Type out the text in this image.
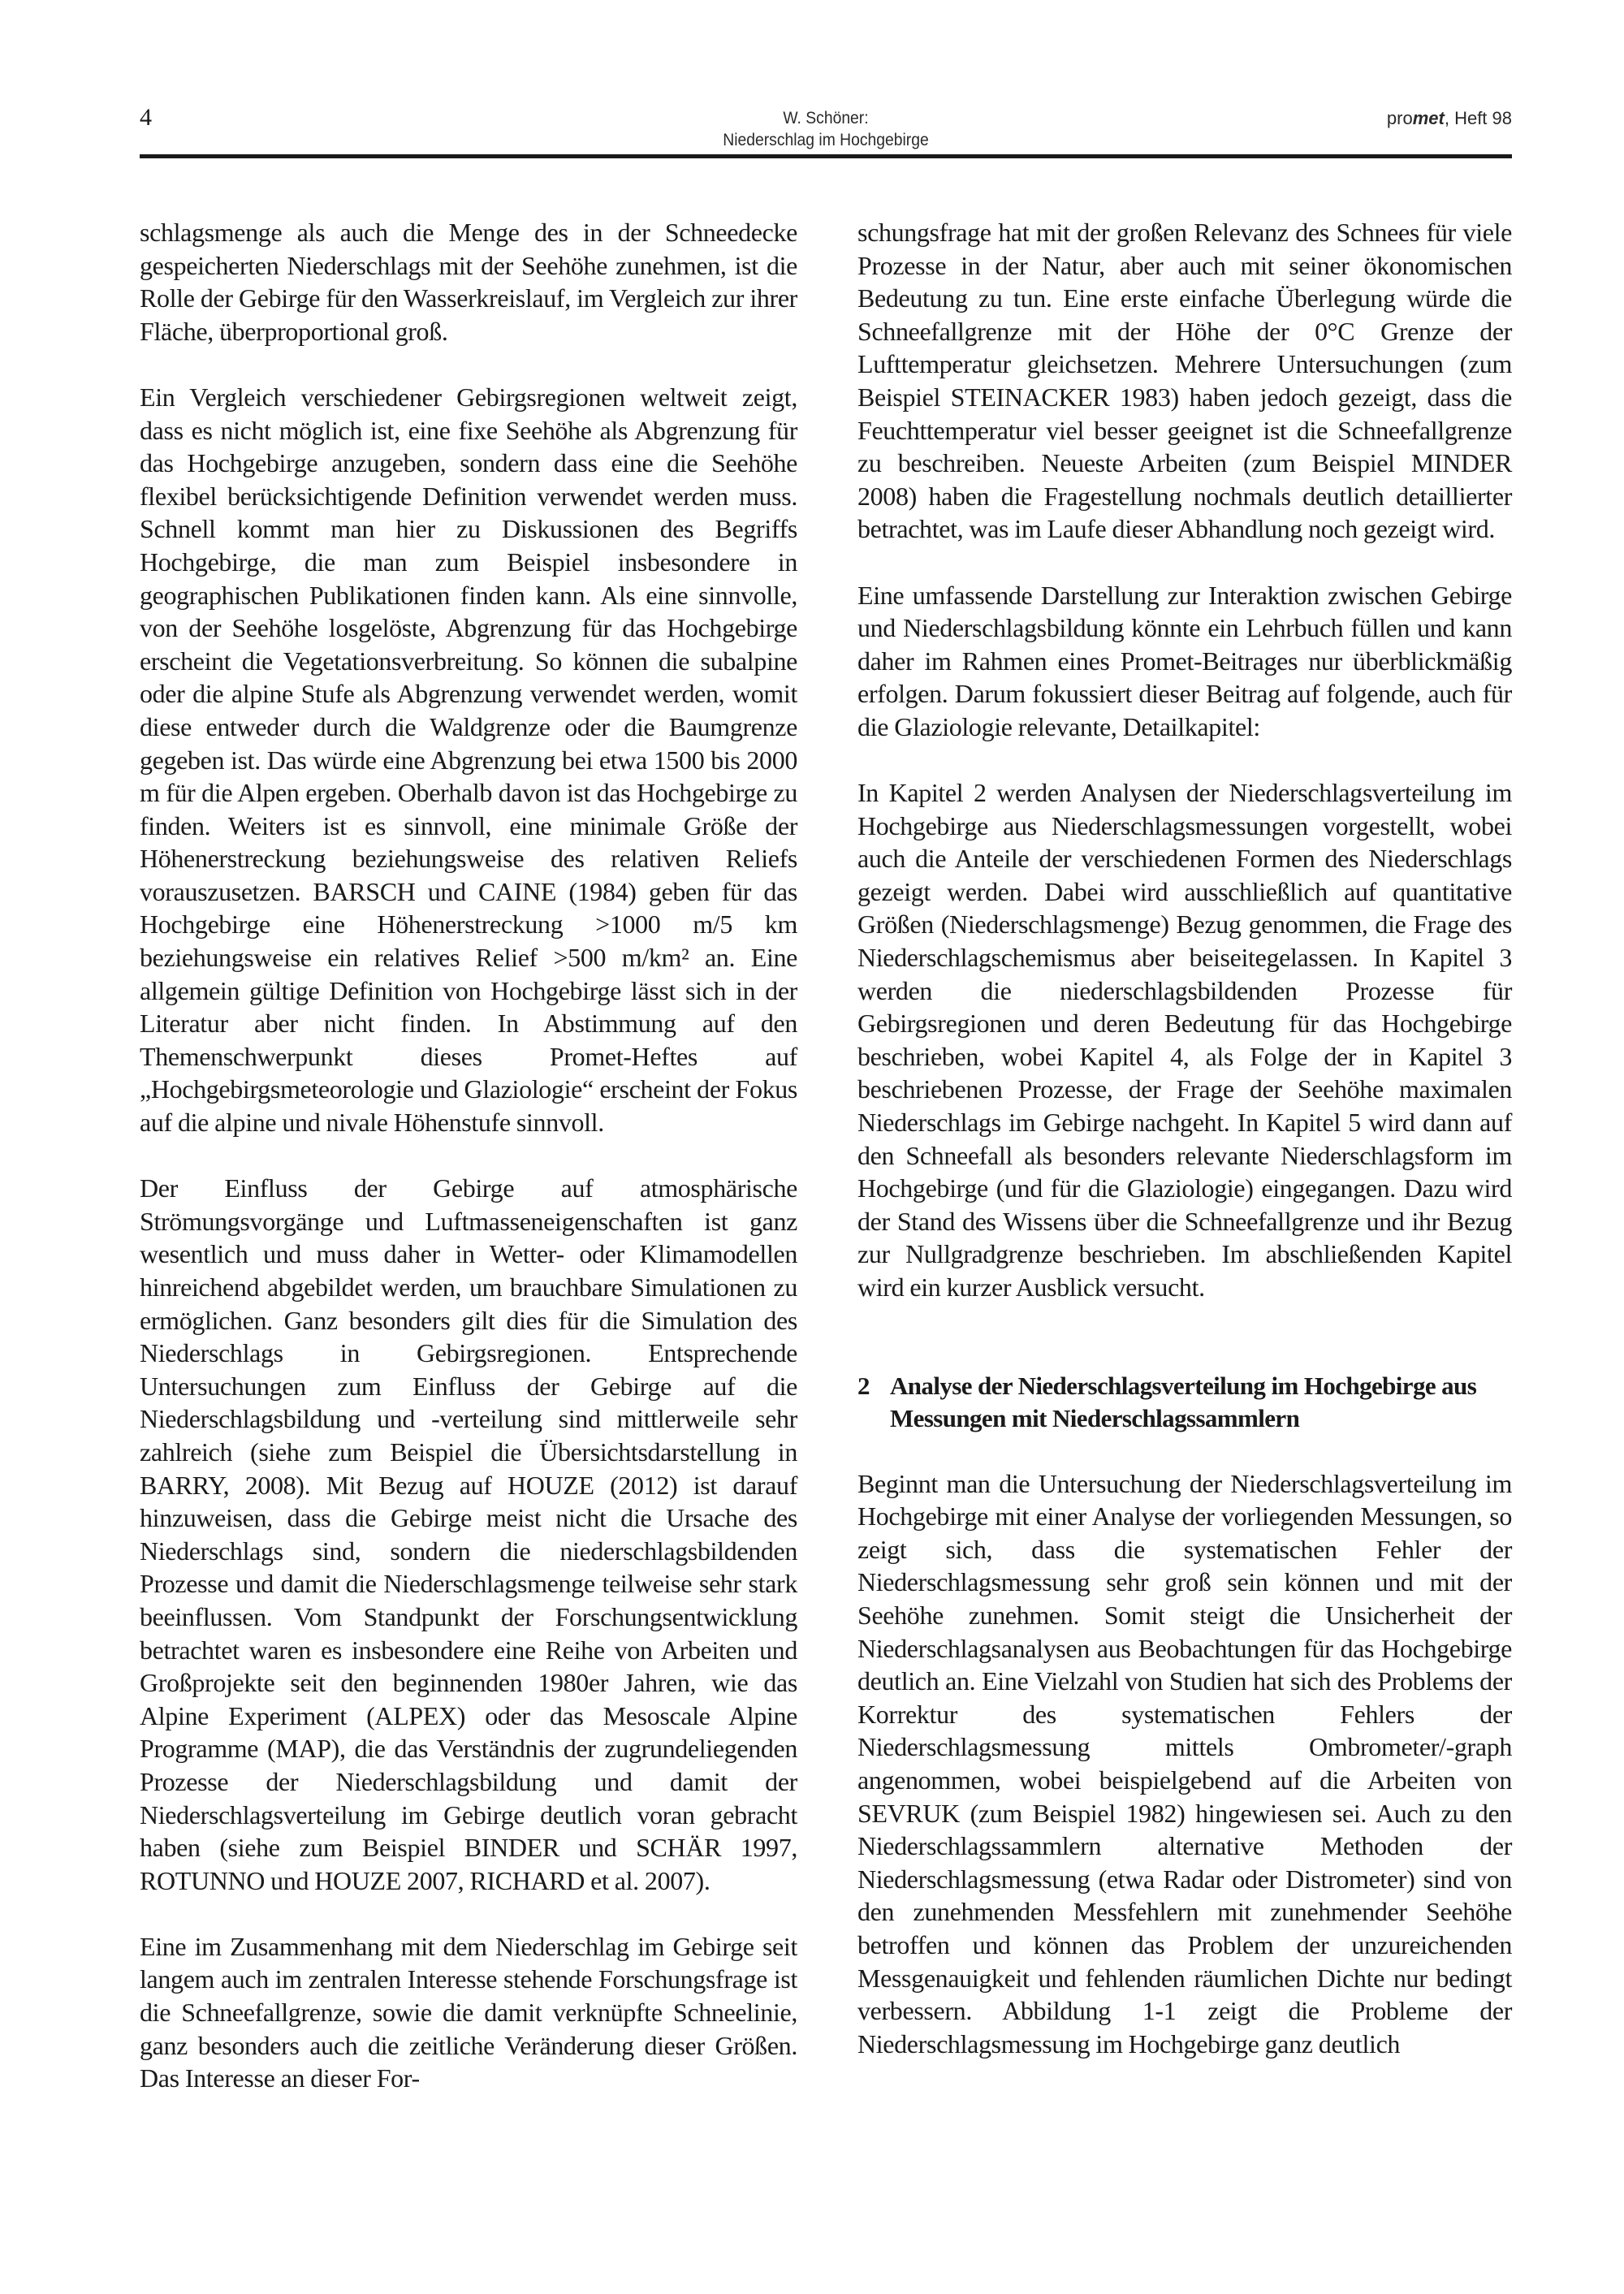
4	W. Schöner:
Niederschlag im Hochgebirge
promet, Heft 98

schlagsmenge als auch die Menge des in der Schneedecke gespeicherten Niederschlags mit der Seehöhe zunehmen, ist die Rolle der Gebirge für den Wasserkreislauf, im Vergleich zur ihrer Fläche, überproportional groß.

Ein Vergleich verschiedener Gebirgsregionen weltweit zeigt, dass es nicht möglich ist, eine fixe Seehöhe als Abgrenzung für das Hochgebirge anzugeben, sondern dass eine die Seehöhe flexibel berücksichtigende Definition verwendet werden muss. Schnell kommt man hier zu Diskussionen des Begriffs Hochgebirge, die man zum Beispiel insbesondere in geographischen Publikationen finden kann. Als eine sinnvolle, von der Seehöhe losgelöste, Abgrenzung für das Hochgebirge erscheint die Vegetationsverbreitung. So können die subalpine oder die alpine Stufe als Abgrenzung verwendet werden, womit diese entweder durch die Waldgrenze oder die Baumgrenze gegeben ist. Das würde eine Abgrenzung bei etwa 1500 bis 2000 m für die Alpen ergeben. Oberhalb davon ist das Hochgebirge zu finden. Weiters ist es sinnvoll, eine minimale Größe der Höhenerstreckung beziehungsweise des relativen Reliefs vorauszusetzen. BARSCH und CAINE (1984) geben für das Hochgebirge eine Höhenerstreckung >1000 m/5 km beziehungsweise ein relatives Relief >500 m/km² an. Eine allgemein gültige Definition von Hochgebirge lässt sich in der Literatur aber nicht finden. In Abstimmung auf den Themenschwerpunkt dieses Promet-Heftes auf „Hochgebirgsmeteorologie und Glaziologie“ erscheint der Fokus auf die alpine und nivale Höhenstufe sinnvoll.

Der Einfluss der Gebirge auf atmosphärische Strömungsvorgänge und Luftmasseneigenschaften ist ganz wesentlich und muss daher in Wetter- oder Klimamodellen hinreichend abgebildet werden, um brauchbare Simulationen zu ermöglichen. Ganz besonders gilt dies für die Simulation des Niederschlags in Gebirgsregionen. Entsprechende Untersuchungen zum Einfluss der Gebirge auf die Niederschlagsbildung und -verteilung sind mittlerweile sehr zahlreich (siehe zum Beispiel die Übersichtsdarstellung in BARRY, 2008). Mit Bezug auf HOUZE (2012) ist darauf hinzuweisen, dass die Gebirge meist nicht die Ursache des Niederschlags sind, sondern die niederschlagsbildenden Prozesse und damit die Niederschlagsmenge teilweise sehr stark beeinflussen. Vom Standpunkt der Forschungsentwicklung betrachtet waren es insbesondere eine Reihe von Arbeiten und Großprojekte seit den beginnenden 1980er Jahren, wie das Alpine Experiment (ALPEX) oder das Mesoscale Alpine Programme (MAP), die das Verständnis der zugrundeliegenden Prozesse der Niederschlagsbildung und damit der Niederschlagsverteilung im Gebirge deutlich voran gebracht haben (siehe zum Beispiel BINDER und SCHÄR 1997, ROTUNNO und HOUZE 2007, RICHARD et al. 2007).

Eine im Zusammenhang mit dem Niederschlag im Gebirge seit langem auch im zentralen Interesse stehende Forschungsfrage ist die Schneefallgrenze, sowie die damit verknüpfte Schneelinie, ganz besonders auch die zeitliche Veränderung dieser Größen. Das Interesse an dieser For-

schungsfrage hat mit der großen Relevanz des Schnees für viele Prozesse in der Natur, aber auch mit seiner ökonomischen Bedeutung zu tun. Eine erste einfache Überlegung würde die Schneefallgrenze mit der Höhe der 0°C Grenze der Lufttemperatur gleichsetzen. Mehrere Untersuchungen (zum Beispiel STEINACKER 1983) haben jedoch gezeigt, dass die Feuchttemperatur viel besser geeignet ist die Schneefallgrenze zu beschreiben. Neueste Arbeiten (zum Beispiel MINDER 2008) haben die Fragestellung nochmals deutlich detaillierter betrachtet, was im Laufe dieser Abhandlung noch gezeigt wird.

Eine umfassende Darstellung zur Interaktion zwischen Gebirge und Niederschlagsbildung könnte ein Lehrbuch füllen und kann daher im Rahmen eines Promet-Beitrages nur überblickmäßig erfolgen. Darum fokussiert dieser Beitrag auf folgende, auch für die Glaziologie relevante, Detailkapitel:

In Kapitel 2 werden Analysen der Niederschlagsverteilung im Hochgebirge aus Niederschlagsmessungen vorgestellt, wobei auch die Anteile der verschiedenen Formen des Niederschlags gezeigt werden. Dabei wird ausschließlich auf quantitative Größen (Niederschlagsmenge) Bezug genommen, die Frage des Niederschlagschemismus aber beiseitegelassen. In Kapitel 3 werden die niederschlagsbildenden Prozesse für Gebirgsregionen und deren Bedeutung für das Hochgebirge beschrieben, wobei Kapitel 4, als Folge der in Kapitel 3 beschriebenen Prozesse, der Frage der Seehöhe maximalen Niederschlags im Gebirge nachgeht. In Kapitel 5 wird dann auf den Schneefall als besonders relevante Niederschlagsform im Hochgebirge (und für die Glaziologie) eingegangen. Dazu wird der Stand des Wissens über die Schneefallgrenze und ihr Bezug zur Nullgradgrenze beschrieben. Im abschließenden Kapitel wird ein kurzer Ausblick versucht.

2 Analyse der Niederschlagsverteilung im Hochgebirge aus Messungen mit Niederschlagssammlern

Beginnt man die Untersuchung der Niederschlagsverteilung im Hochgebirge mit einer Analyse der vorliegenden Messungen, so zeigt sich, dass die systematischen Fehler der Niederschlagsmessung sehr groß sein können und mit der Seehöhe zunehmen. Somit steigt die Unsicherheit der Niederschlagsanalysen aus Beobachtungen für das Hochgebirge deutlich an. Eine Vielzahl von Studien hat sich des Problems der Korrektur des systematischen Fehlers der Niederschlagsmessung mittels Ombrometer/-graph angenommen, wobei beispielgebend auf die Arbeiten von SEVRUK (zum Beispiel 1982) hingewiesen sei. Auch zu den Niederschlagssammlern alternative Methoden der Niederschlagsmessung (etwa Radar oder Distrometer) sind von den zunehmenden Messfehlern mit zunehmender Seehöhe betroffen und können das Problem der unzureichenden Messgenauigkeit und fehlenden räumlichen Dichte nur bedingt verbessern. Abbildung 1-1 zeigt die Probleme der Niederschlagsmessung im Hochgebirge ganz deutlich
